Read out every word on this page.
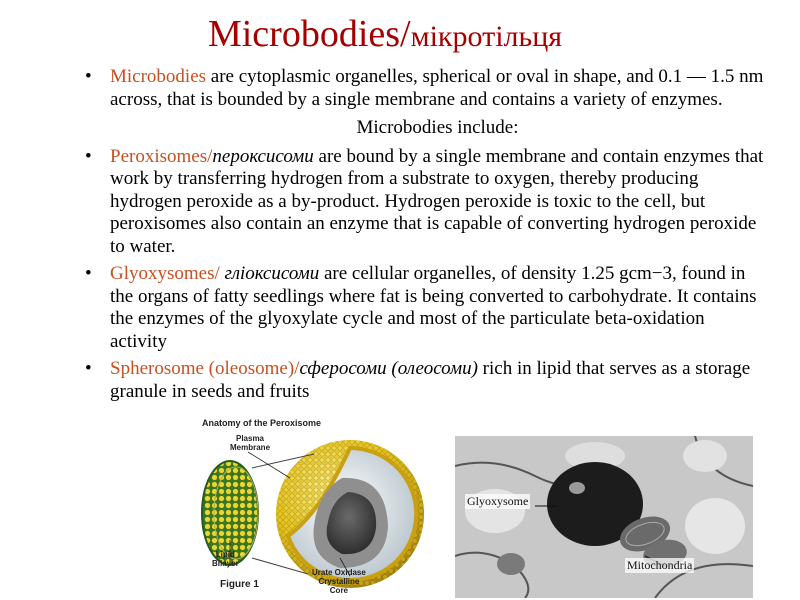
Microbodies/мікротільця
• Microbodies are cytoplasmic organelles, spherical or oval in shape, and 0.1 — 1.5 nm across, that is bounded by a single membrane and contains a variety of enzymes.
Microbodies include:
• Peroxisomes/пероксисоми are bound by a single membrane and contain enzymes that work by transferring hydrogen from a substrate to oxygen, thereby producing hydrogen peroxide as a by-product. Hydrogen peroxide is toxic to the cell, but peroxisomes also contain an enzyme that is capable of converting hydrogen peroxide to water.
• Glyoxysomes/ гліоксисоми are cellular organelles, of density 1.25 gcm−3, found in the organs of fatty seedlings where fat is being converted to carbohydrate. It contains the enzymes of the glyoxylate cycle and most of the particulate beta-oxidation activity
• Spherosome (oleosome)/сферосоми (олеосоми) rich in lipid that serves as a storage granule in seeds and fruits
Anatomy of the Peroxisome
Plasma
Membrane
Lipid
Bilayer
Figure 1
Urate Oxidase
Crystalline
Core
Glyoxysome
Mitochondria
